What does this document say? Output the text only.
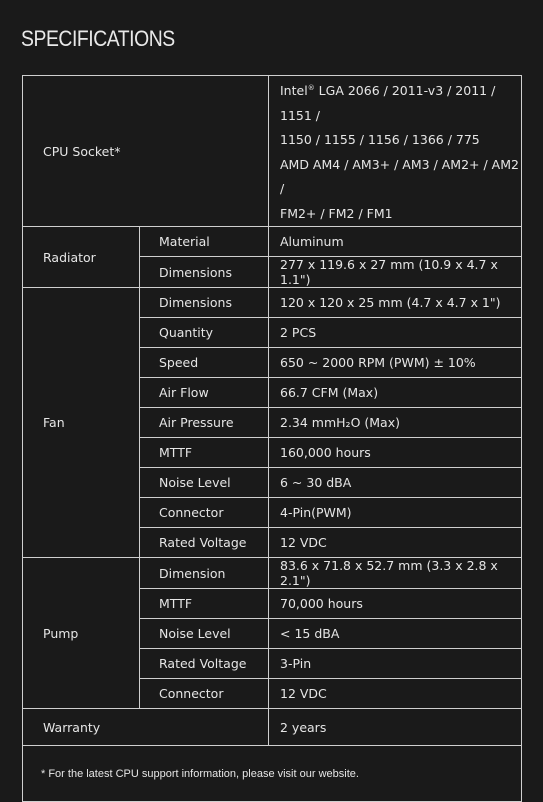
SPECIFICATIONS
CPU Socket*		Intel® LGA 2066 / 2011-v3 / 2011 / 1151 /
1150 / 1155 / 1156 / 1366 / 775
AMD AM4 / AM3+ / AM3 / AM2+ / AM2 /
FM2+ / FM2 / FM1

Radiator	Material	Aluminum
	Dimensions	277 x 119.6 x 27 mm (10.9 x 4.7 x 1.1")
Fan	Dimensions	120 x 120 x 25 mm (4.7 x 4.7 x 1")
	Quantity	2 PCS
	Speed	650 ~ 2000 RPM (PWM) ± 10%
	Air Flow	66.7 CFM (Max)
	Air Pressure	2.34 mmH₂O (Max)
	MTTF	160,000 hours
	Noise Level	6 ~ 30 dBA
	Connector	4-Pin(PWM)
	Rated Voltage	12 VDC
Pump	Dimension	83.6 x 71.8 x 52.7 mm (3.3 x 2.8 x 2.1")
	MTTF	70,000 hours
	Noise Level	< 15 dBA
	Rated Voltage	3-Pin
	Connector	12 VDC
Warranty		2 years
* For the latest CPU support information, please visit our website.		
